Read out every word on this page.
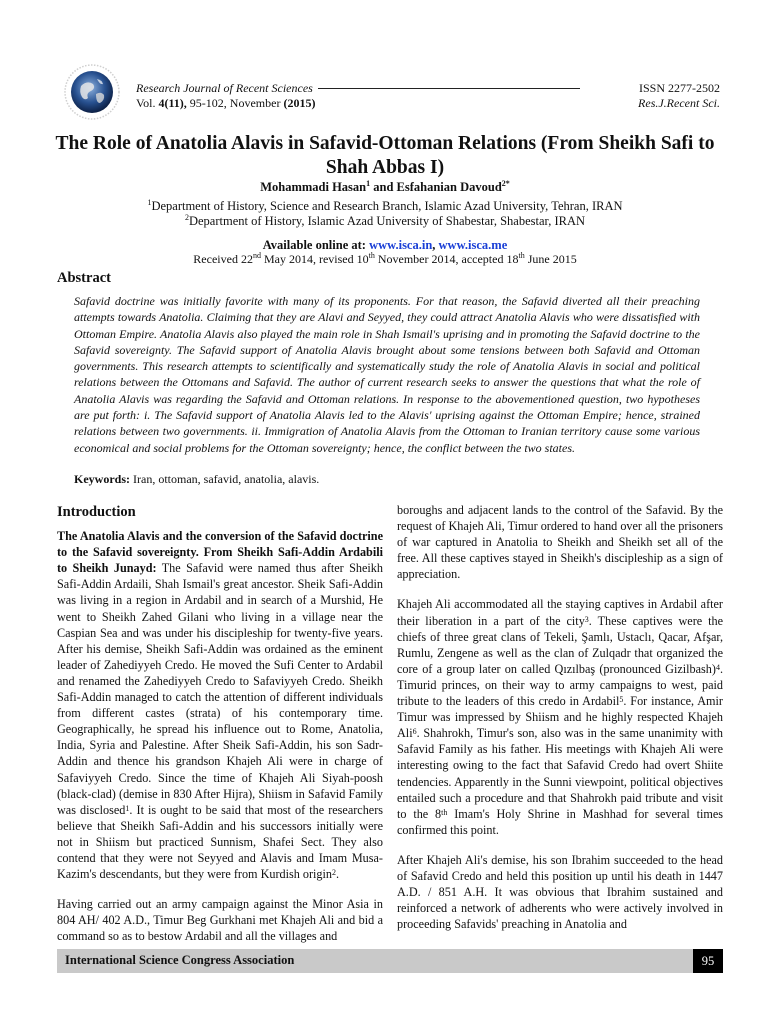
Research Journal of Recent Sciences
Vol. 4(11), 95-102, November (2015)
ISSN 2277-2502
Res.J.Recent Sci.
The Role of Anatolia Alavis in Safavid-Ottoman Relations (From Sheikh Safi to Shah Abbas I)
Mohammadi Hasan$^1$ and Esfahanian Davoud$^{2*}$
$^1$Department of History, Science and Research Branch, Islamic Azad University, Tehran, IRAN
$^2$Department of History, Islamic Azad University of Shabestar, Shabestar, IRAN
Available online at: www.isca.in, www.isca.me
Received 22nd May 2014, revised 10th November 2014, accepted 18th June 2015
Abstract
Safavid doctrine was initially favorite with many of its proponents. For that reason, the Safavid diverted all their preaching attempts towards Anatolia. Claiming that they are Alavi and Seyyed, they could attract Anatolia Alavis who were dissatisfied with Ottoman Empire. Anatolia Alavis also played the main role in Shah Ismail's uprising and in promoting the Safavid doctrine to the Safavid sovereignty. The Safavid support of Anatolia Alavis brought about some tensions between both Safavid and Ottoman governments. This research attempts to scientifically and systematically study the role of Anatolia Alavis in social and political relations between the Ottomans and Safavid. The author of current research seeks to answer the questions that what the role of Anatolia Alavis was regarding the Safavid and Ottoman relations. In response to the abovementioned question, two hypotheses are put forth: i. The Safavid support of Anatolia Alavis led to the Alavis' uprising against the Ottoman Empire; hence, strained relations between two governments. ii. Immigration of Anatolia Alavis from the Ottoman to Iranian territory cause some various economical and social problems for the Ottoman sovereignty; hence, the conflict between the two states.
Keywords: Iran, ottoman, safavid, anatolia, alavis.

Introduction

The Anatolia Alavis and the conversion of the Safavid doctrine to the Safavid sovereignty. From Sheikh Safi-Addin Ardabili to Sheikh Junayd: The Safavid were named thus after Sheikh Safi-Addin Ardaili, Shah Ismail's great ancestor. Sheik Safi-Addin was living in a region in Ardabil and in search of a Murshid, He went to Sheikh Zahed Gilani who living in a village near the Caspian Sea and was under his discipleship for twenty-five years. After his demise, Sheikh Safi-Addin was ordained as the eminent leader of Zahediyyeh Credo. He moved the Sufi Center to Ardabil and renamed the Zahediyyeh Credo to Safaviyyeh Credo. Sheikh Safi-Addin managed to catch the attention of different individuals from different castes (strata) of his contemporary time. Geographically, he spread his influence out to Rome, Anatolia, India, Syria and Palestine. After Sheik Safi-Addin, his son Sadr-Addin and thence his grandson Khajeh Ali were in charge of Safaviyyeh Credo. Since the time of Khajeh Ali Siyah-poosh (black-clad) (demise in 830 After Hijra), Shiism in Safavid Family was disclosed$^1$. It is ought to be said that most of the researchers believe that Sheikh Safi-Addin and his successors initially were not in Shiism but practiced Sunnism, Shafei Sect. They also contend that they were not Seyyed and Alavis and Imam Musa-Kazim's descendants, but they were from Kurdish origin$^2$.

Having carried out an army campaign against the Minor Asia in 804 AH/ 402 A.D., Timur Beg Gurkhani met Khajeh Ali and bid a command so as to bestow Ardabil and all the villages and

boroughs and adjacent lands to the control of the Safavid. By the request of Khajeh Ali, Timur ordered to hand over all the prisoners of war captured in Anatolia to Sheikh and Sheikh set all of the free. All these captives stayed in Sheikh's discipleship as a sign of appreciation.

Khajeh Ali accommodated all the staying captives in Ardabil after their liberation in a part of the city$^3$. These captives were the chiefs of three great clans of Tekeli, Şamlı, Ustaclı, Qacar, Afşar, Rumlu, Zengene as well as the clan of Zulqadr that organized the core of a group later on called Qızılbaş (pronounced Gizilbash)$^4$. Timurid princes, on their way to army campaigns to west, paid tribute to the leaders of this credo in Ardabil$^5$. For instance, Amir Timur was impressed by Shiism and he highly respected Khajeh Ali$^6$. Shahrokh, Timur's son, also was in the same unanimity with Safavid Family as his father. His meetings with Khajeh Ali were interesting owing to the fact that Safavid Credo had overt Shiite tendencies. Apparently in the Sunni viewpoint, political objectives entailed such a procedure and that Shahrokh paid tribute and visit to the 8th Imam's Holy Shrine in Mashhad for several times confirmed this point.

After Khajeh Ali's demise, his son Ibrahim succeeded to the head of Safavid Credo and held this position up until his death in 1447 A.D. / 851 A.H. It was obvious that Ibrahim sustained and reinforced a network of adherents who were actively involved in proceeding Safavids' preaching in Anatolia and

International Science Congress Association	95
